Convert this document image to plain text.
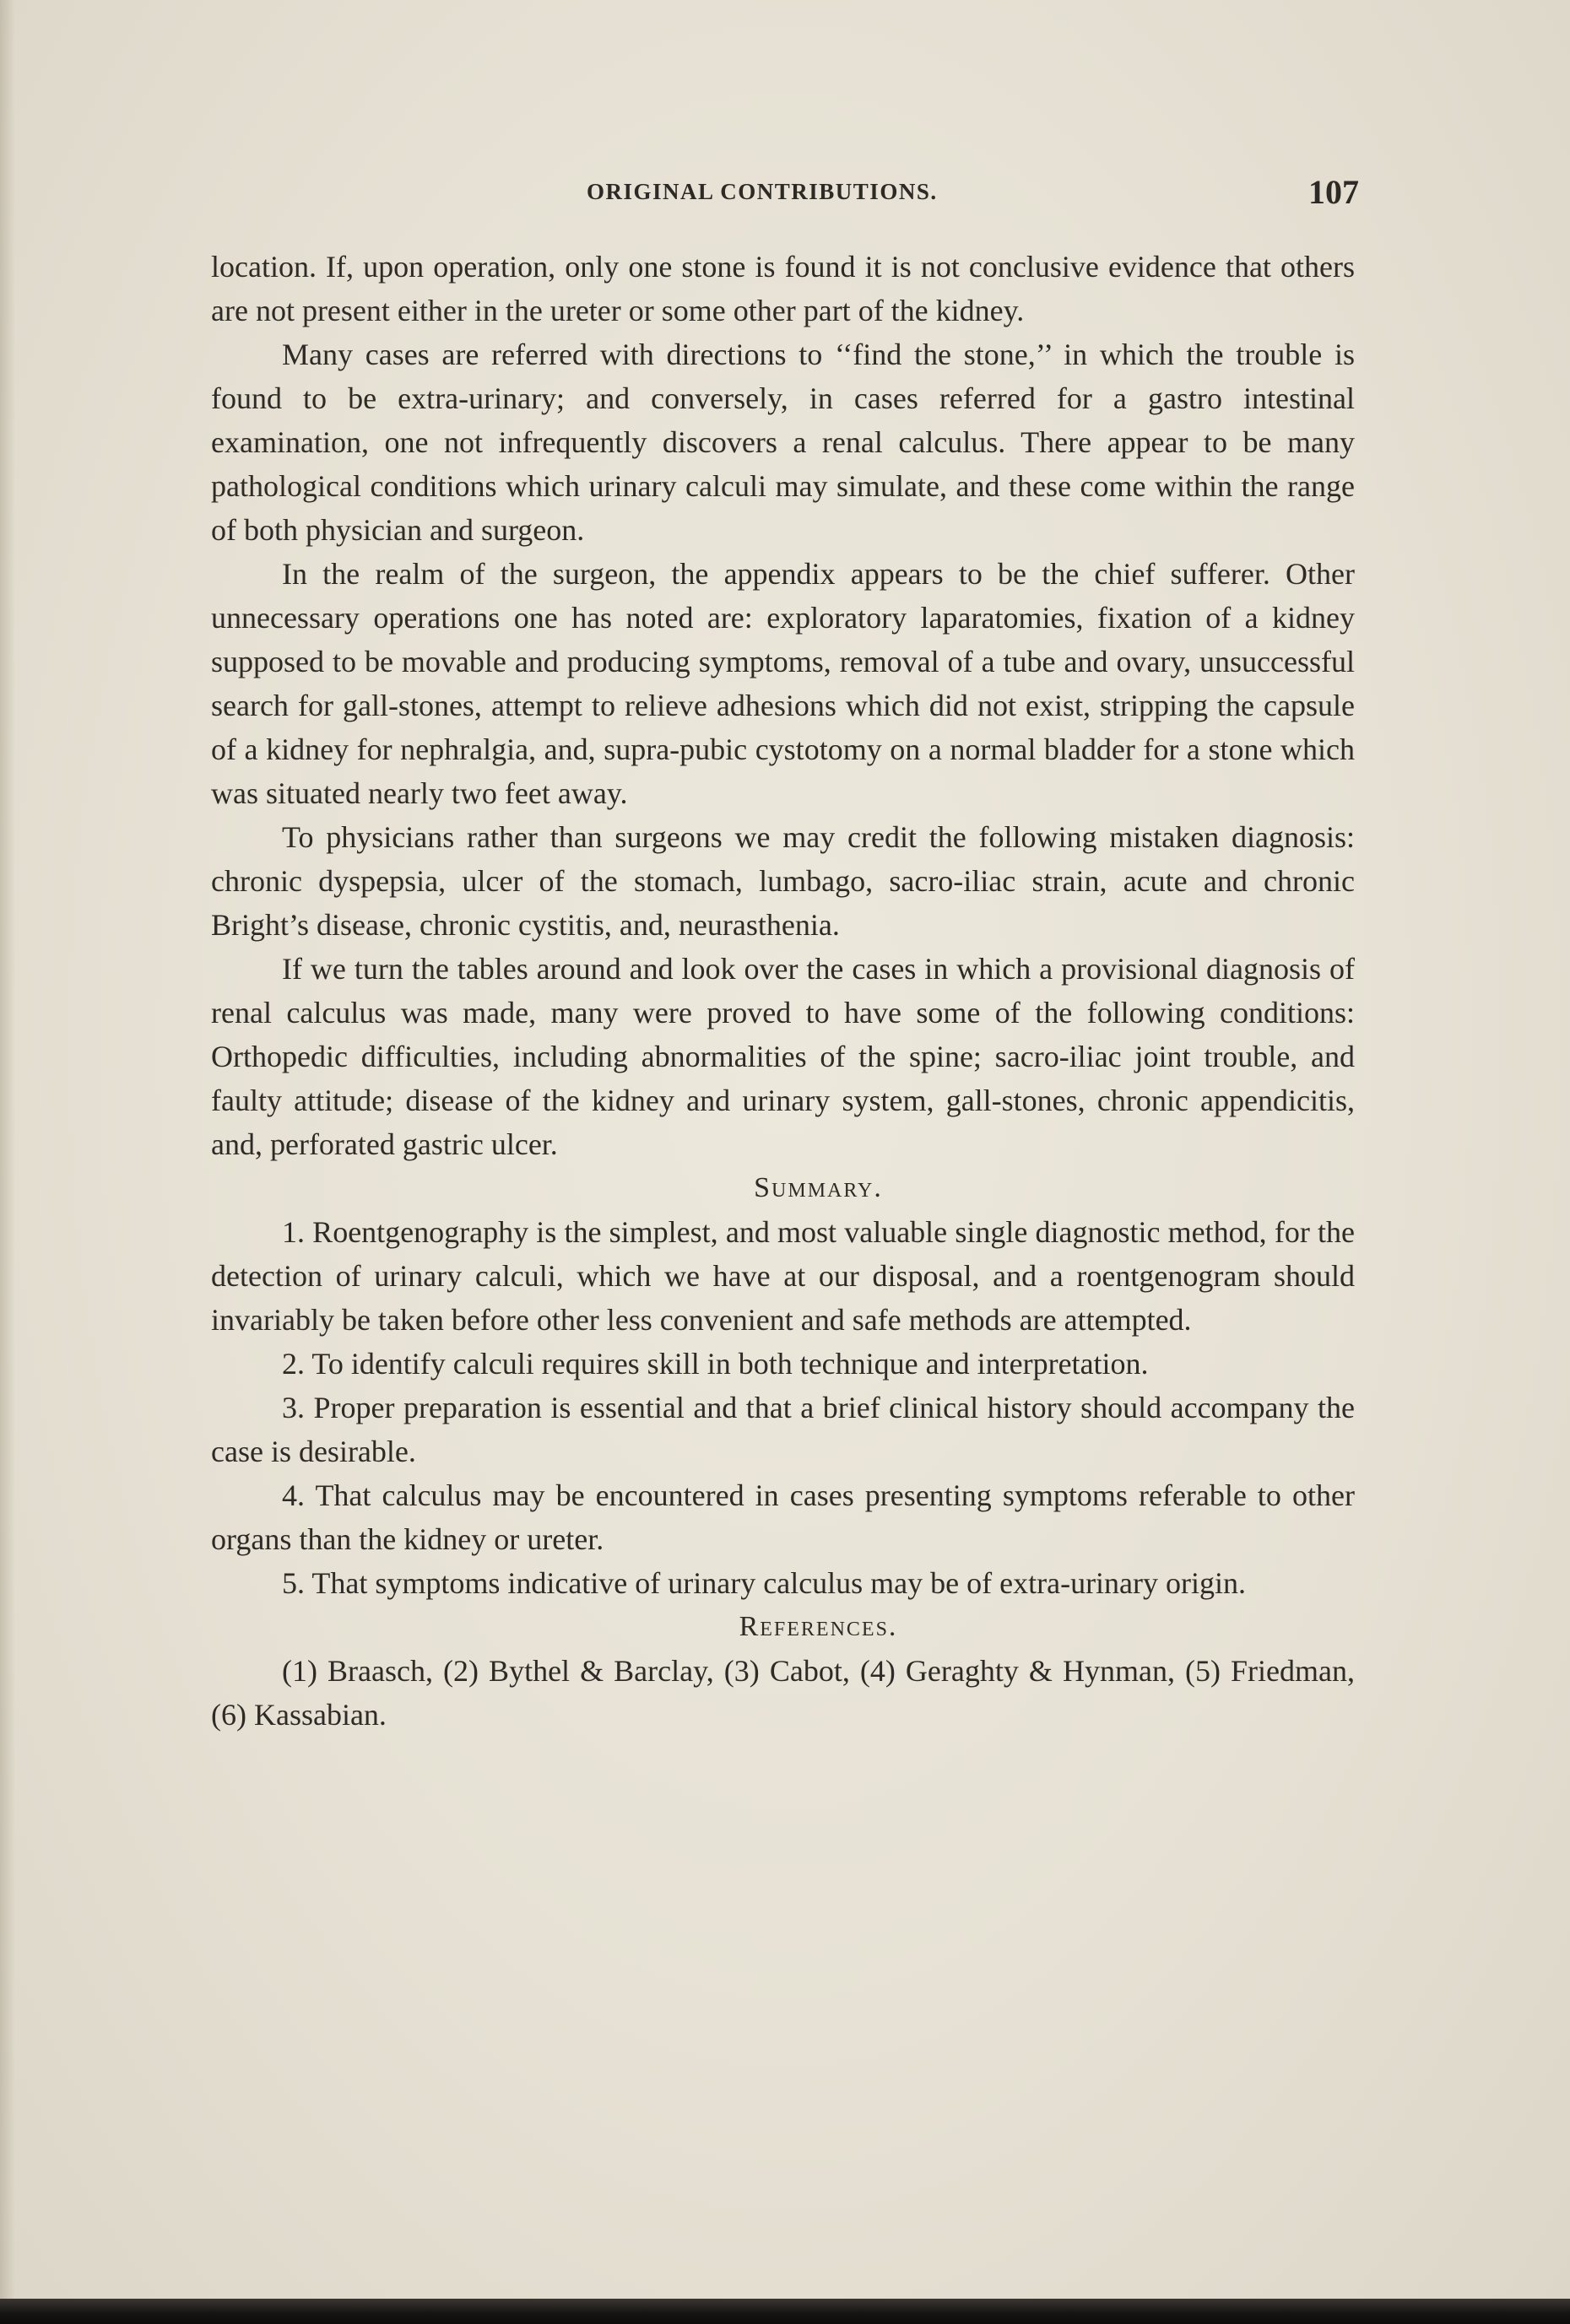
ORIGINAL CONTRIBUTIONS.	107

location. If, upon operation, only one stone is found it is not conclusive evidence that others are not present either in the ureter or some other part of the kidney.

Many cases are referred with directions to ‘‘find the stone,’’ in which the trouble is found to be extra-urinary; and conversely, in cases referred for a gastro intestinal examination, one not infrequently discovers a renal calculus. There appear to be many pathological conditions which urinary calculi may simulate, and these come within the range of both physician and surgeon.

In the realm of the surgeon, the appendix appears to be the chief sufferer. Other unnecessary operations one has noted are: exploratory laparatomies, fixation of a kidney supposed to be movable and producing symptoms, removal of a tube and ovary, unsuccessful search for gall-stones, attempt to relieve adhesions which did not exist, stripping the capsule of a kidney for nephralgia, and, supra-pubic cystotomy on a normal bladder for a stone which was situated nearly two feet away.

To physicians rather than surgeons we may credit the following mistaken diagnosis: chronic dyspepsia, ulcer of the stomach, lumbago, sacro-iliac strain, acute and chronic Bright’s disease, chronic cystitis, and, neurasthenia.

If we turn the tables around and look over the cases in which a provisional diagnosis of renal calculus was made, many were proved to have some of the following conditions: Orthopedic difficulties, including abnormalities of the spine; sacro-iliac joint trouble, and faulty attitude; disease of the kidney and urinary system, gall-stones, chronic appendicitis, and, perforated gastric ulcer.

Summary.

1. Roentgenography is the simplest, and most valuable single diagnostic method, for the detection of urinary calculi, which we have at our disposal, and a roentgenogram should invariably be taken before other less convenient and safe methods are attempted.

2. To identify calculi requires skill in both technique and interpretation.

3. Proper preparation is essential and that a brief clinical history should accompany the case is desirable.

4. That calculus may be encountered in cases presenting symptoms referable to other organs than the kidney or ureter.

5. That symptoms indicative of urinary calculus may be of extra-urinary origin.

References.

(1) Braasch, (2) Bythel & Barclay, (3) Cabot, (4) Geraghty & Hynman, (5) Friedman, (6) Kassabian.
